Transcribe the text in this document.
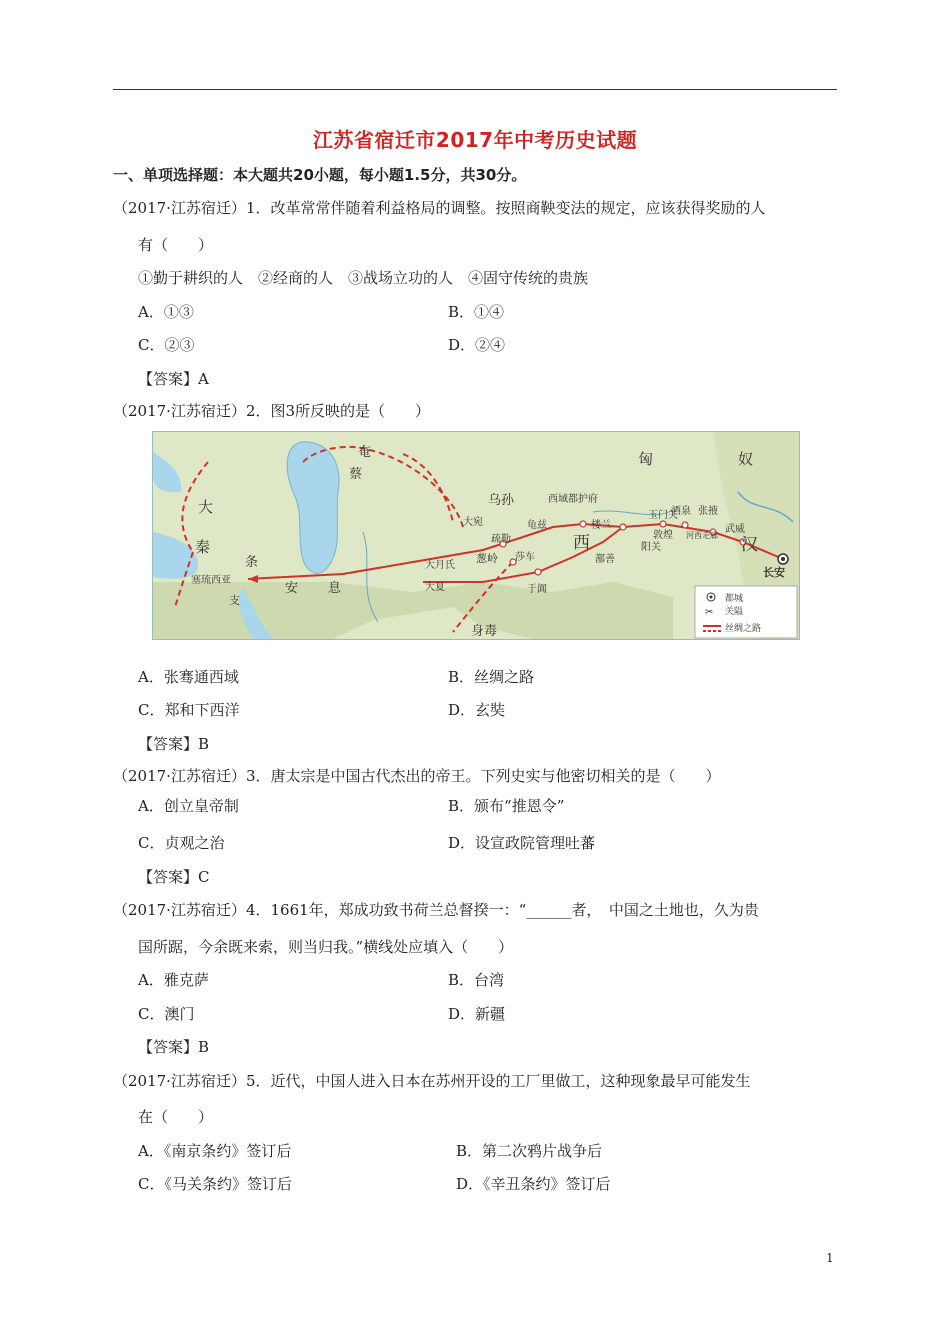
江苏省宿迁市2017年中考历史试题
一、单项选择题：本大题共20小题，每小题1.5分，共30分。
（2017·江苏宿迁）1．改革常常伴随着利益格局的调整。按照商鞅变法的规定，应该获得奖励的人
有（　　）
①勤于耕织的人　②经商的人　③战场立功的人　④固守传统的贵族
A．①③	B．①④
C．②③	D．②④
【答案】A
（2017·江苏宿迁）2．图3所反映的是（　　）
匈	奴
汉
长安
西
西域都护府
玉门关
酒泉 张掖
武威
河西走廊
敦煌
阳关
楼兰
鄯善
龟兹
疏勒
葱岭 莎车
于阗
大宛
乌孙
奄
蔡
大月氏
大夏
身毒
安 息
条
支
大
秦
塞琉西亚
都城
✂ 关隘
丝绸之路
A．张骞通西域	B．丝绸之路
C．郑和下西洋	D．玄奘
【答案】B
（2017·江苏宿迁）3．唐太宗是中国古代杰出的帝王。下列史实与他密切相关的是（　　）
A．创立皇帝制	B．颁布“推恩令”
C．贞观之治	D．设宣政院管理吐蕃
【答案】C
（2017·江苏宿迁）4．1661年，郑成功致书荷兰总督揆一：“______者，　中国之土地也，久为贵
国所踞，今余既来索，则当归我。”横线处应填入（　　）
A．雅克萨	B．台湾
C．澳门	D．新疆
【答案】B
（2017·江苏宿迁）5．近代，中国人进入日本在苏州开设的工厂里做工，这种现象最早可能发生
在（　　）
A．《南京条约》签订后	B．第二次鸦片战争后
C．《马关条约》签订后	D．《辛丑条约》签订后
1
